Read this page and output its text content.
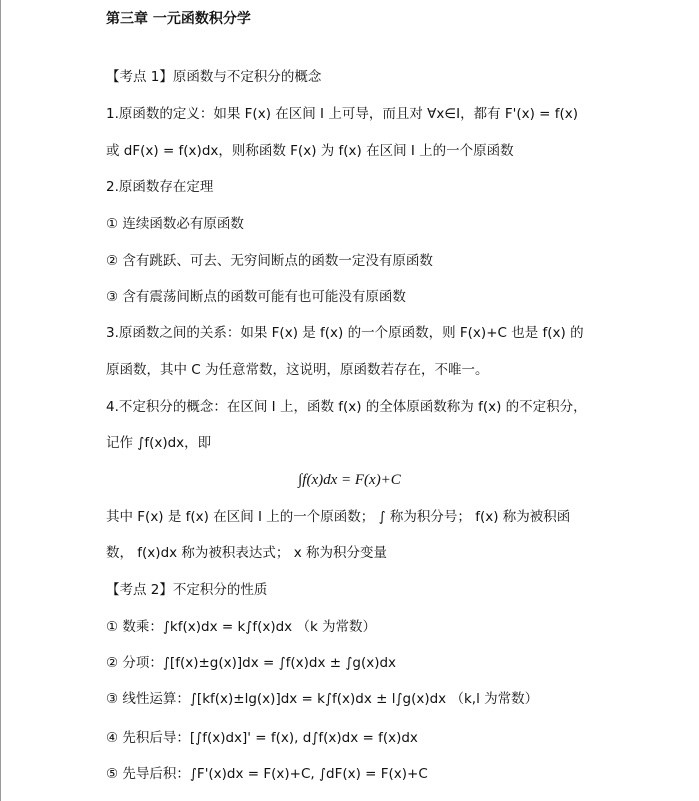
第三章 一元函数积分学
【考点 1】原函数与不定积分的概念
1.原函数的定义：如果 F(x) 在区间 I 上可导，而且对 ∀x∈I，都有 F'(x) = f(x)
或 dF(x) = f(x)dx，则称函数 F(x) 为 f(x) 在区间 I 上的一个原函数
2.原函数存在定理
① 连续函数必有原函数
② 含有跳跃、可去、无穷间断点的函数一定没有原函数
③ 含有震荡间断点的函数可能有也可能没有原函数
3.原函数之间的关系：如果 F(x) 是 f(x) 的一个原函数，则 F(x)+C 也是 f(x) 的
原函数，其中 C 为任意常数，这说明，原函数若存在，不唯一。
4.不定积分的概念：在区间 I 上，函数 f(x) 的全体原函数称为 f(x) 的不定积分，
记作 ∫f(x)dx，即
∫f(x)dx = F(x)+C
其中 F(x) 是 f(x) 在区间 I 上的一个原函数； ∫ 称为积分号； f(x) 称为被积函
数， f(x)dx 称为被积表达式； x 称为积分变量
【考点 2】不定积分的性质
① 数乘：∫kf(x)dx = k∫f(x)dx （k 为常数）
② 分项：∫[f(x)±g(x)]dx = ∫f(x)dx ± ∫g(x)dx
③ 线性运算：∫[kf(x)±lg(x)]dx = k∫f(x)dx ± l∫g(x)dx （k,l 为常数）
④ 先积后导：[∫f(x)dx]' = f(x), d∫f(x)dx = f(x)dx
⑤ 先导后积：∫F'(x)dx = F(x)+C, ∫dF(x) = F(x)+C
